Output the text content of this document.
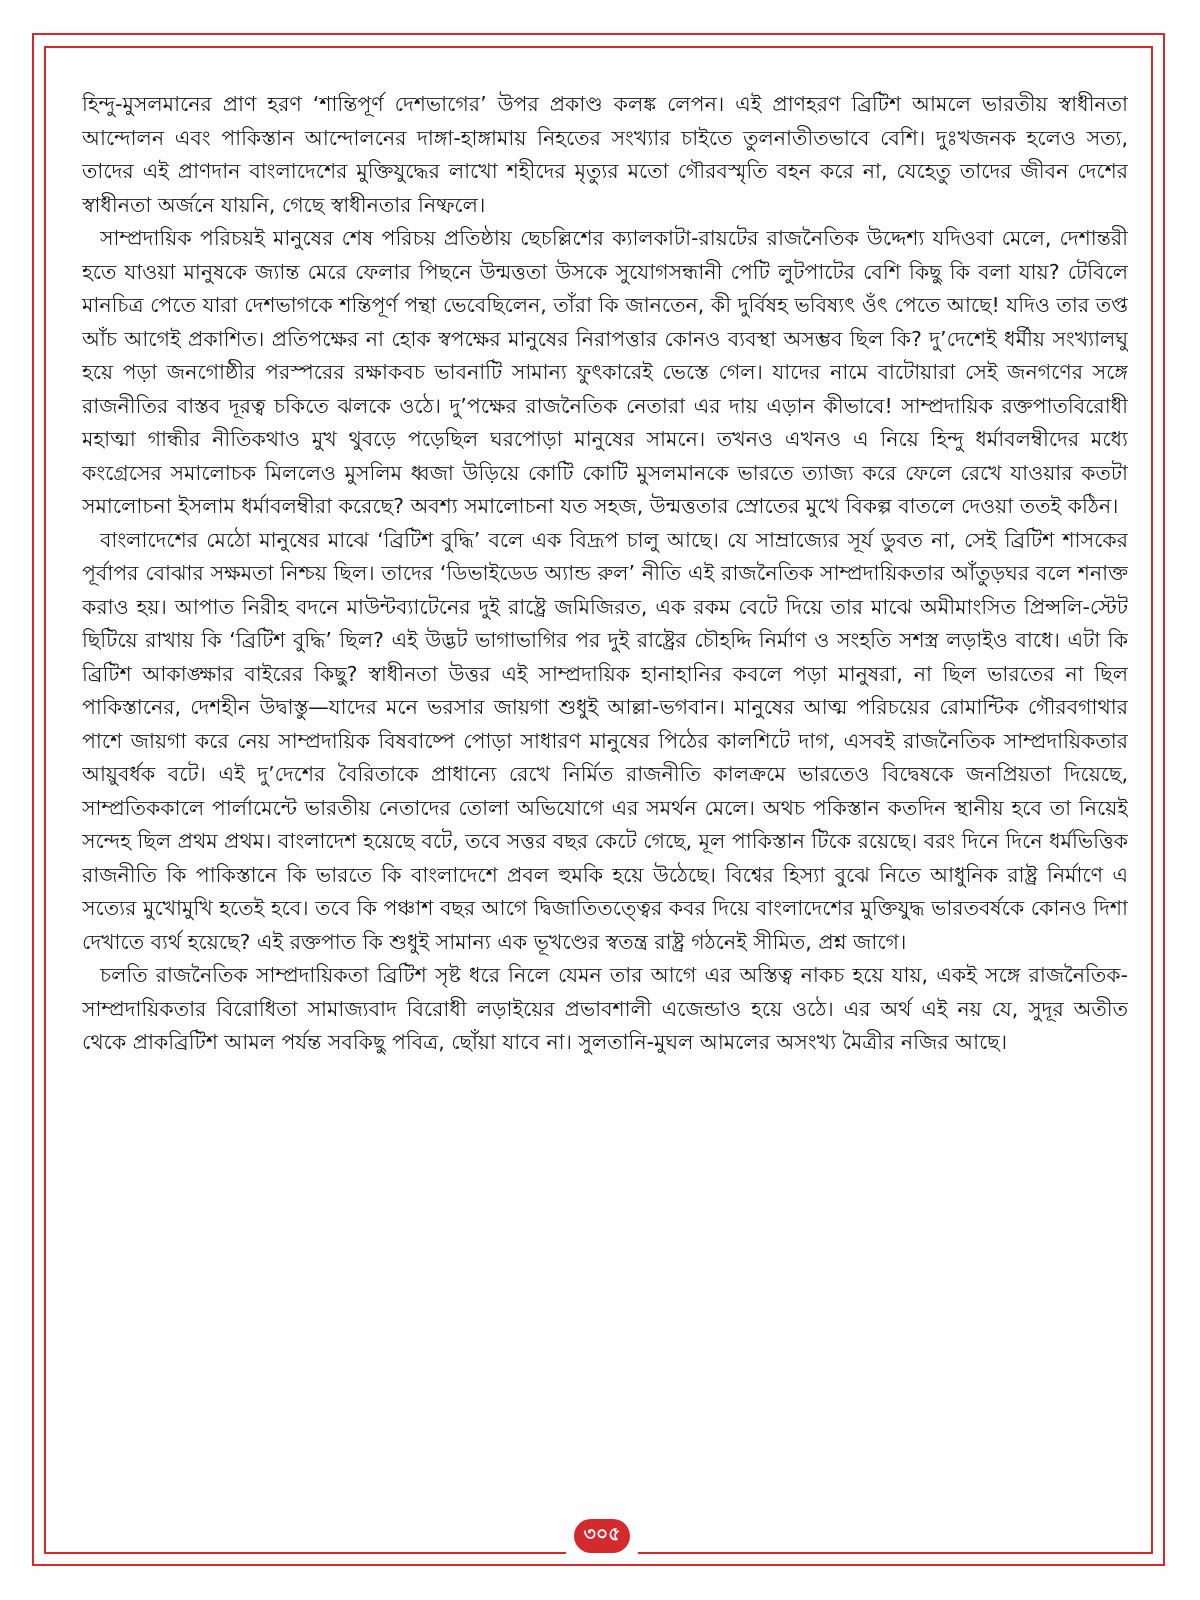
হিন্দু-মুসলমানের প্রাণ হরণ ‘শান্তিপূর্ণ দেশভাগের’ উপর প্রকাণ্ড কলঙ্ক লেপন। এই প্রাণহরণ ব্রিটিশ আমলে ভারতীয় স্বাধীনতা আন্দোলন এবং পাকিস্তান আন্দোলনের দাঙ্গা-হাঙ্গামায় নিহতের সংখ্যার চাইতে তুলনাতীতভাবে বেশি। দুঃখজনক হলেও সত্য, তাদের এই প্রাণদান বাংলাদেশের মুক্তিযুদ্ধের লাখো শহীদের মৃত্যুর মতো গৌরবস্মৃতি বহন করে না, যেহেতু তাদের জীবন দেশের স্বাধীনতা অর্জনে যায়নি, গেছে স্বাধীনতার নিষ্ফলে।

সাম্প্রদায়িক পরিচয়ই মানুষের শেষ পরিচয় প্রতিষ্ঠায় ছেচল্লিশের ক্যালকাটা-রায়টের রাজনৈতিক উদ্দেশ্য যদিওবা মেলে, দেশান্তরী হতে যাওয়া মানুষকে জ্যান্ত মেরে ফেলার পিছনে উন্মত্ততা উসকে সুযোগসন্ধানী পেটি লুটপাটের বেশি কিছু কি বলা যায়? টেবিলে মানচিত্র পেতে যারা দেশভাগকে শন্তিপূর্ণ পন্থা ভেবেছিলেন, তাঁরা কি জানতেন, কী দুর্বিষহ ভবিষ্যৎ ওঁৎ পেতে আছে! যদিও তার তপ্ত আঁচ আগেই প্রকাশিত। প্রতিপক্ষের না হোক স্বপক্ষের মানুষের নিরাপত্তার কোনও ব্যবস্থা অসম্ভব ছিল কি? দু’দেশেই ধর্মীয় সংখ্যালঘু হয়ে পড়া জনগোষ্ঠীর পরস্পরের রক্ষাকবচ ভাবনাটি সামান্য ফুৎকারেই ভেস্তে গেল। যাদের নামে বাটোয়ারা সেই জনগণের সঙ্গে রাজনীতির বাস্তব দূরত্ব চকিতে ঝলকে ওঠে। দু’পক্ষের রাজনৈতিক নেতারা এর দায় এড়ান কীভাবে! সাম্প্রদায়িক রক্তপাতবিরোধী মহাত্মা গান্ধীর নীতিকথাও মুখ থুবড়ে পড়েছিল ঘরপোড়া মানুষের সামনে। তখনও এখনও এ নিয়ে হিন্দু ধর্মাবলম্বীদের মধ্যে কংগ্রেসের সমালোচক মিললেও মুসলিম ধ্বজা উড়িয়ে কোটি কোটি মুসলমানকে ভারতে ত্যাজ্য করে ফেলে রেখে যাওয়ার কতটা সমালোচনা ইসলাম ধর্মাবলম্বীরা করেছে? অবশ্য সমালোচনা যত সহজ, উন্মত্ততার স্রোতের মুখে বিকল্প বাতলে দেওয়া ততই কঠিন।

বাংলাদেশের মেঠো মানুষের মাঝে ‘ব্রিটিশ বুদ্ধি’ বলে এক বিদ্রূপ চালু আছে। যে সাম্রাজ্যের সূর্য ডুবত না, সেই ব্রিটিশ শাসকের পূর্বাপর বোঝার সক্ষমতা নিশ্চয় ছিল। তাদের ‘ডিভাইডেড অ্যান্ড রুল’ নীতি এই রাজনৈতিক সাম্প্রদায়িকতার আঁতুড়ঘর বলে শনাক্ত করাও হয়। আপাত নিরীহ বদনে মাউন্টব্যাটেনের দুই রাষ্ট্রে জমিজিরত, এক রকম বেটে দিয়ে তার মাঝে অমীমাংসিত প্রিন্সলি-স্টেট ছিটিয়ে রাখায় কি ‘ব্রিটিশ বুদ্ধি’ ছিল? এই উদ্ভট ভাগাভাগির পর দুই রাষ্ট্রের চৌহদ্দি নির্মাণ ও সংহতি সশস্ত্র লড়াইও বাধে। এটা কি ব্রিটিশ আকাঙ্ক্ষার বাইরের কিছু? স্বাধীনতা উত্তর এই সাম্প্রদায়িক হানাহানির কবলে পড়া মানুষরা, না ছিল ভারতের না ছিল পাকিস্তানের, দেশহীন উদ্বাস্তু—যাদের মনে ভরসার জায়গা শুধুই আল্লা-ভগবান। মানুষের আত্ম পরিচয়ের রোমান্টিক গৌরবগাথার পাশে জায়গা করে নেয় সাম্প্রদায়িক বিষবাষ্পে পোড়া সাধারণ মানুষের পিঠের কালশিটে দাগ, এসবই রাজনৈতিক সাম্প্রদায়িকতার আয়ুবর্ধক বটে। এই দু’দেশের বৈরিতাকে প্রাধান্যে রেখে নির্মিত রাজনীতি কালক্রমে ভারতেও বিদ্বেষকে জনপ্রিয়তা দিয়েছে, সাম্প্রতিককালে পার্লামেন্টে ভারতীয় নেতাদের তোলা অভিযোগে এর সমর্থন মেলে। অথচ পকিস্তান কতদিন স্থানীয় হবে তা নিয়েই সন্দেহ ছিল প্রথম প্রথম। বাংলাদেশ হয়েছে বটে, তবে সত্তর বছর কেটে গেছে, মূল পাকিস্তান টিকে রয়েছে। বরং দিনে দিনে ধর্মভিত্তিক রাজনীতি কি পাকিস্তানে কি ভারতে কি বাংলাদেশে প্রবল হুমকি হয়ে উঠেছে। বিশ্বের হিস্যা বুঝে নিতে আধুনিক রাষ্ট্র নির্মাণে এ সত্যের মুখোমুখি হতেই হবে। তবে কি পঞ্চাশ বছর আগে দ্বিজাতিতত্ত্বের কবর দিয়ে বাংলাদেশের মুক্তিযুদ্ধ ভারতবর্ষকে কোনও দিশা দেখাতে ব্যর্থ হয়েছে? এই রক্তপাত কি শুধুই সামান্য এক ভূখণ্ডের স্বতন্ত্র রাষ্ট্র গঠনেই সীমিত, প্রশ্ন জাগে।

চলতি রাজনৈতিক সাম্প্রদায়িকতা ব্রিটিশ সৃষ্ট ধরে নিলে যেমন তার আগে এর অস্তিত্ব নাকচ হয়ে যায়, একই সঙ্গে রাজনৈতিক-সাম্প্রদায়িকতার বিরোধিতা সামাজ্যবাদ বিরোধী লড়াইয়ের প্রভাবশালী এজেন্ডাও হয়ে ওঠে। এর অর্থ এই নয় যে, সুদূর অতীত থেকে প্রাকব্রিটিশ আমল পর্যন্ত সবকিছু পবিত্র, ছোঁয়া যাবে না। সুলতানি-মুঘল আমলের অসংখ্য মৈত্রীর নজির আছে।

৩০৫
